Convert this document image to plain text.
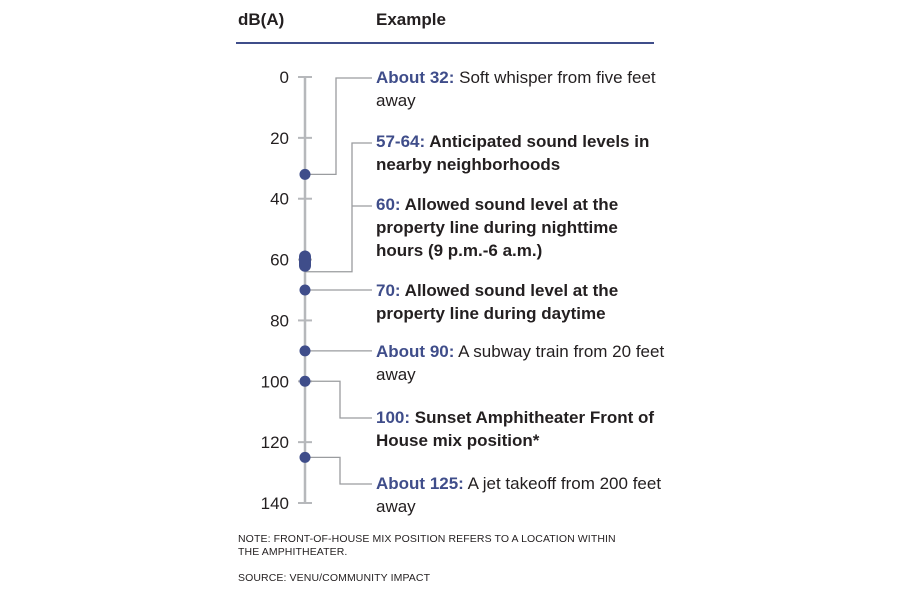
dB(A)	Example
0
20
40
60
80
100
120
140
About 32: Soft whisper from five feet away
57-64: Anticipated sound levels in nearby neighborhoods
60: Allowed sound level at the property line during nighttime hours (9 p.m.-6 a.m.)
70: Allowed sound level at the property line during daytime
About 90: A subway train from 20 feet away
100: Sunset Amphitheater Front of House mix position*
About 125: A jet takeoff from 200 feet away
NOTE: FRONT-OF-HOUSE MIX POSITION REFERS TO A LOCATION WITHIN THE AMPHITHEATER.
SOURCE: VENU/COMMUNITY IMPACT
